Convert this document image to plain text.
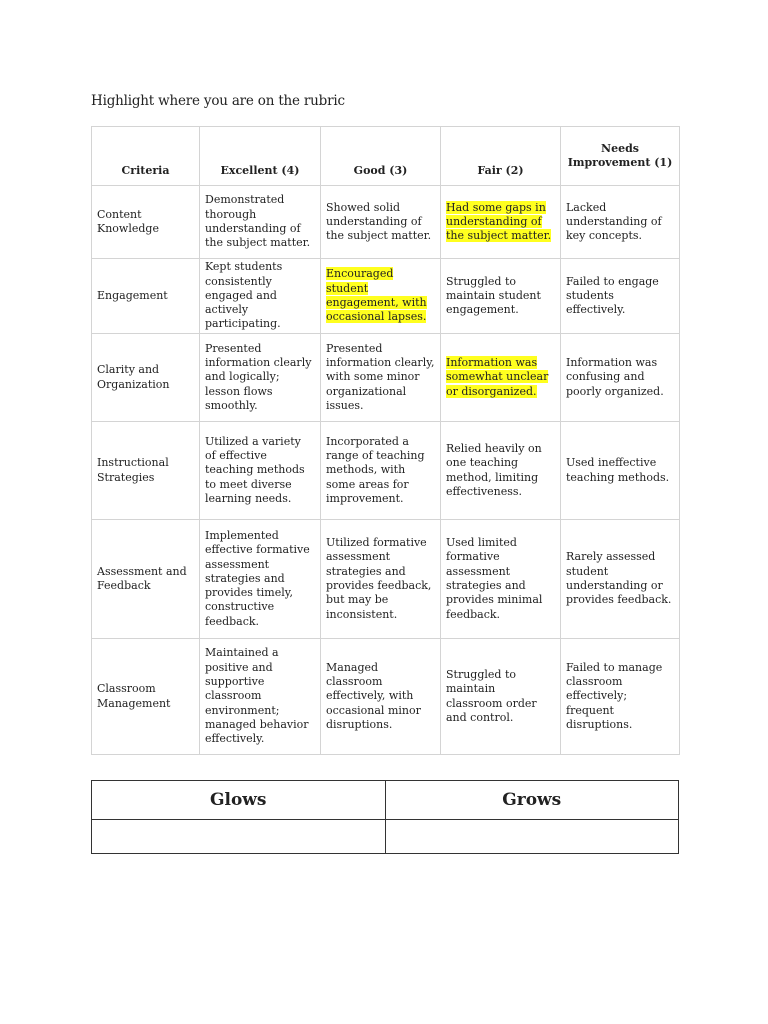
Highlight where you are on the rubric
Criteria	Excellent (4)	Good (3)	Fair (2)	Needs Improvement (1)
Content Knowledge	Demonstrated thorough understanding of the subject matter.	Showed solid understanding of the subject matter.	Had some gaps in understanding of the subject matter.	Lacked understanding of key concepts.
Engagement	Kept students consistently engaged and actively participating.	Encouraged student engagement, with occasional lapses.	Struggled to maintain student engagement.	Failed to engage students effectively.
Clarity and Organization	Presented information clearly and logically; lesson flows smoothly.	Presented information clearly, with some minor organizational issues.	Information was somewhat unclear or disorganized.	Information was confusing and poorly organized.
Instructional Strategies	Utilized a variety of effective teaching methods to meet diverse learning needs.	Incorporated a range of teaching methods, with some areas for improvement.	Relied heavily on one teaching method, limiting effectiveness.	Used ineffective teaching methods.
Assessment and Feedback	Implemented effective formative assessment strategies and provides timely, constructive feedback.	Utilized formative assessment strategies and provides feedback, but may be inconsistent.	Used limited formative assessment strategies and provides minimal feedback.	Rarely assessed student understanding or provides feedback.
Classroom Management	Maintained a positive and supportive classroom environment; managed behavior effectively.	Managed classroom effectively, with occasional minor disruptions.	Struggled to maintain classroom order and control.	Failed to manage classroom effectively; frequent disruptions.
Glows	Grows
